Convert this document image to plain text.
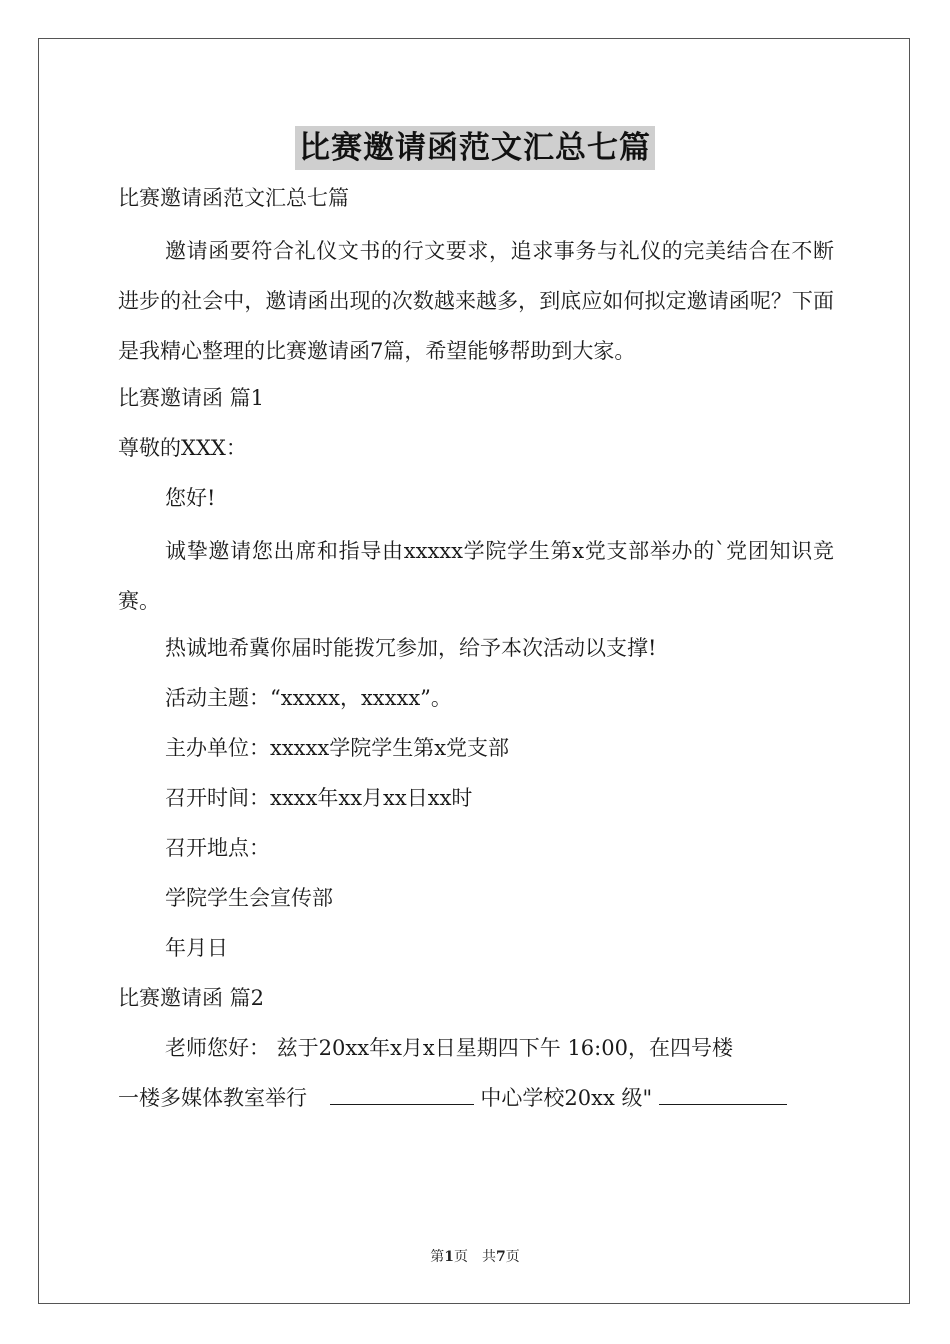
比赛邀请函范文汇总七篇
比赛邀请函范文汇总七篇
邀请函要符合礼仪文书的行文要求，追求事务与礼仪的完美结合在不断进步的社会中，邀请函出现的次数越来越多，到底应如何拟定邀请函呢？下面是我精心整理的比赛邀请函7篇，希望能够帮助到大家。
比赛邀请函 篇1
尊敬的XXX：
您好!
诚挚邀请您出席和指导由xxxxx学院学生第x党支部举办的`党团知识竞赛。
热诚地希冀你届时能拨冗参加，给予本次活动以支撑!
活动主题：“xxxxx，xxxxx”。
主办单位：xxxxx学院学生第x党支部
召开时间：xxxx年xx月xx日xx时
召开地点：
学院学生会宣传部
年月日
比赛邀请函 篇2
老师您好： 兹于20xx年x月x日星期四下午 16:00，在四号楼
一楼多媒体教室举行	中心学校20xx 级"
第1页　共7页
